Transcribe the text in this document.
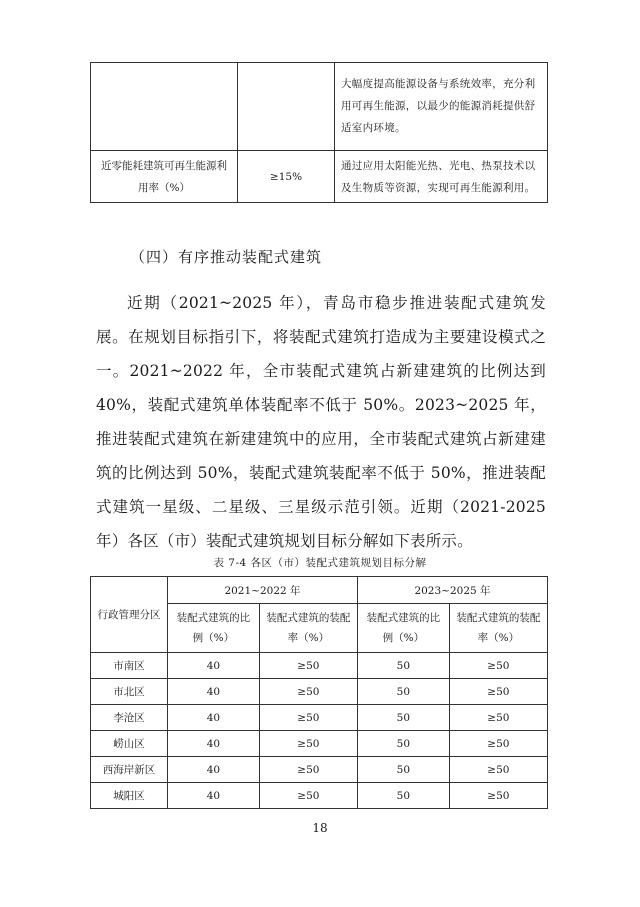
		大幅度提高能源设备与系统效率，充分利用可再生能源，以最少的能源消耗提供舒适室内环境。
近零能耗建筑可再生能源利用率（%）	≥15%	通过应用太阳能光热、光电、热泵技术以及生物质等资源，实现可再生能源利用。
（四）有序推动装配式建筑

近期（2021~2025 年），青岛市稳步推进装配式建筑发展。在规划目标指引下，将装配式建筑打造成为主要建设模式之一。2021~2022 年，全市装配式建筑占新建建筑的比例达到 40%，装配式建筑单体装配率不低于 50%。2023~2025 年，推进装配式建筑在新建建筑中的应用，全市装配式建筑占新建建筑的比例达到 50%，装配式建筑装配率不低于 50%，推进装配式建筑一星级、二星级、三星级示范引领。近期（2021-2025 年）各区（市）装配式建筑规划目标分解如下表所示。

表 7-4 各区（市）装配式建筑规划目标分解
行政管理分区	2021~2022 年		2023~2025 年	
	装配式建筑的比例（%）	装配式建筑的装配率（%）	装配式建筑的比例（%）	装配式建筑的装配率（%）
市南区	40	≥50	50	≥50
市北区	40	≥50	50	≥50
李沧区	40	≥50	50	≥50
崂山区	40	≥50	50	≥50
西海岸新区	40	≥50	50	≥50
城阳区	40	≥50	50	≥50
18
